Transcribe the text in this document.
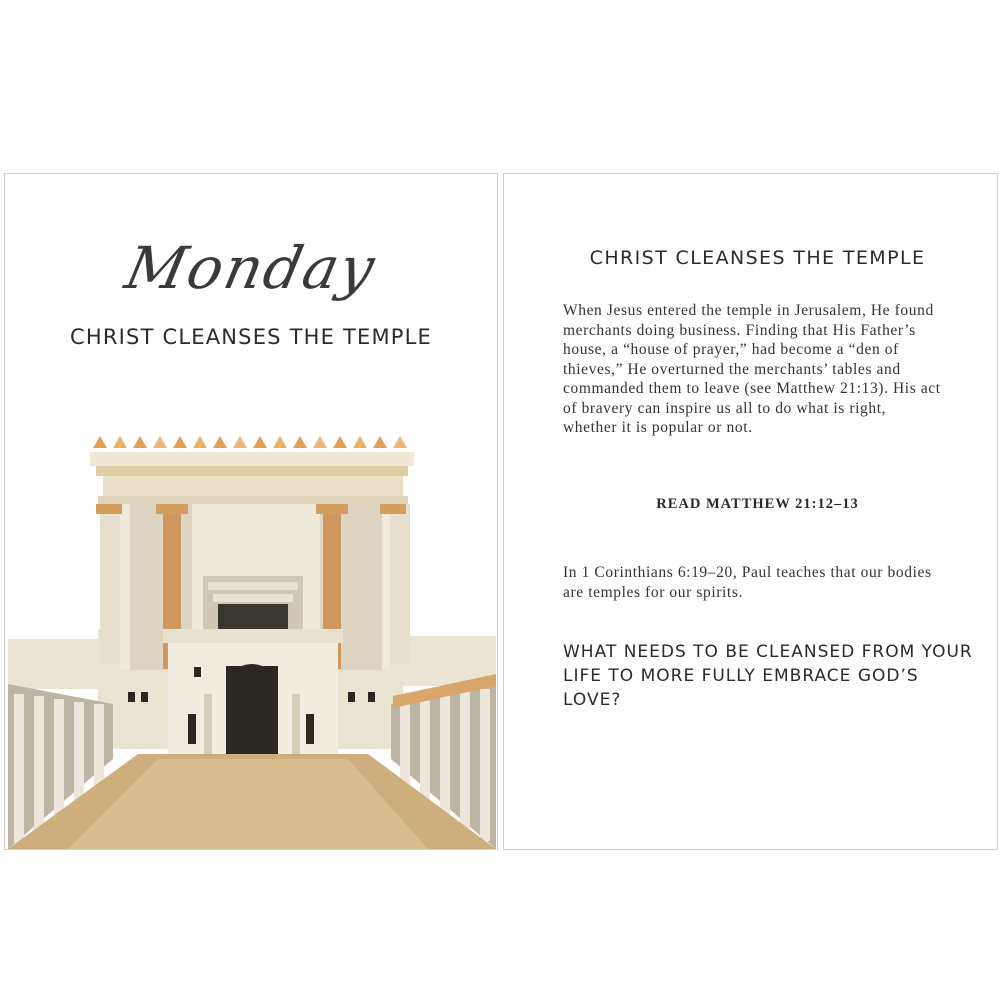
Monday
CHRIST CLEANSES THE TEMPLE
CHRIST CLEANSES THE TEMPLE

When Jesus entered the temple in Jerusalem, He found merchants doing business. Finding that His Father’s house, a “house of prayer,” had become a “den of thieves,” He overturned the merchants’ tables and commanded them to leave (see Matthew 21:13). His act of bravery can inspire us all to do what is right, whether it is popular or not.

READ MATTHEW 21:12–13

In 1 Corinthians 6:19–20, Paul teaches that our bodies are temples for our spirits.

WHAT NEEDS TO BE CLEANSED FROM YOUR LIFE TO MORE FULLY EMBRACE GOD’S LOVE?
